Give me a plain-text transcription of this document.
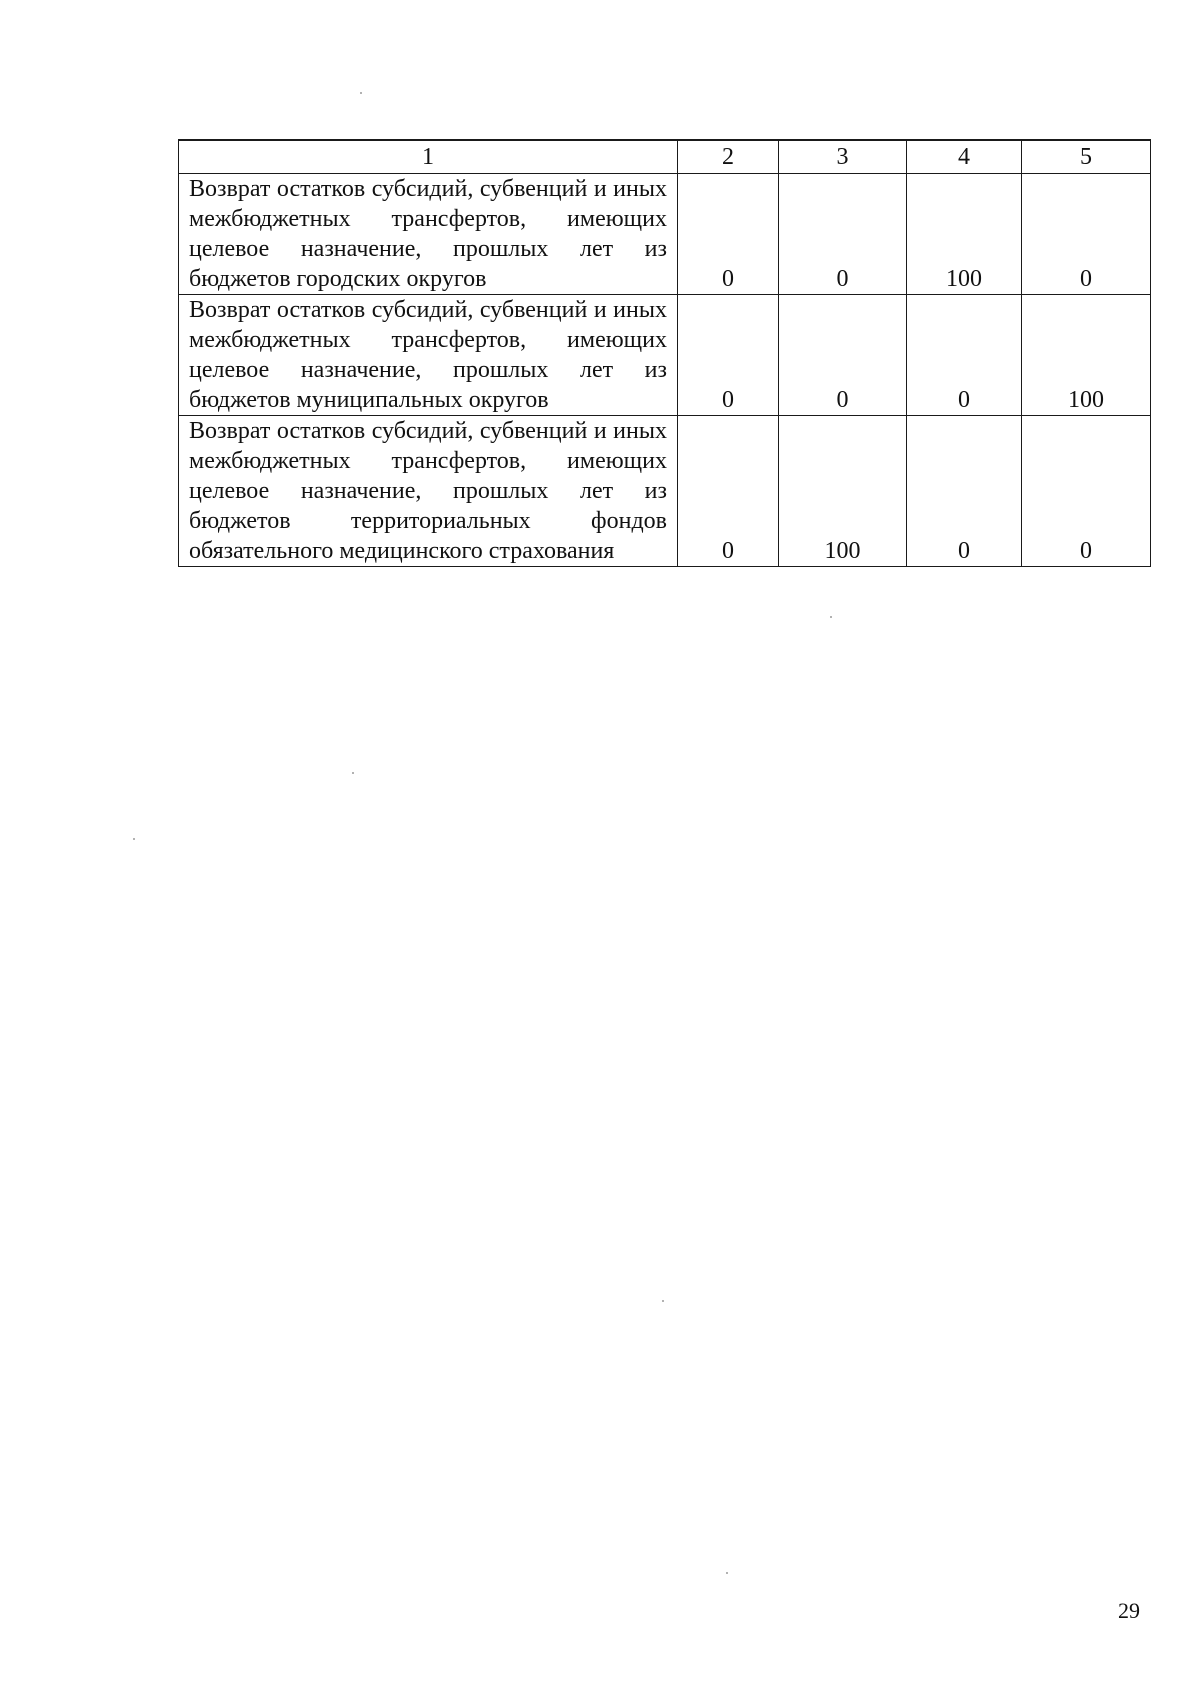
1	2	3	4	5
Возврат остатков субсидий, субвенций и иных межбюджетных трансфертов, имеющих целевое назначение, прошлых лет из бюджетов городских округов	0	0	100	0
Возврат остатков субсидий, субвенций и иных межбюджетных трансфертов, имеющих целевое назначение, прошлых лет из бюджетов муниципальных округов	0	0	0	100
Возврат остатков субсидий, субвенций и иных межбюджетных трансфертов, имеющих целевое назначение, прошлых лет из бюджетов территориальных фондов обязательного медицинского страхования	0	100	0	0
29
